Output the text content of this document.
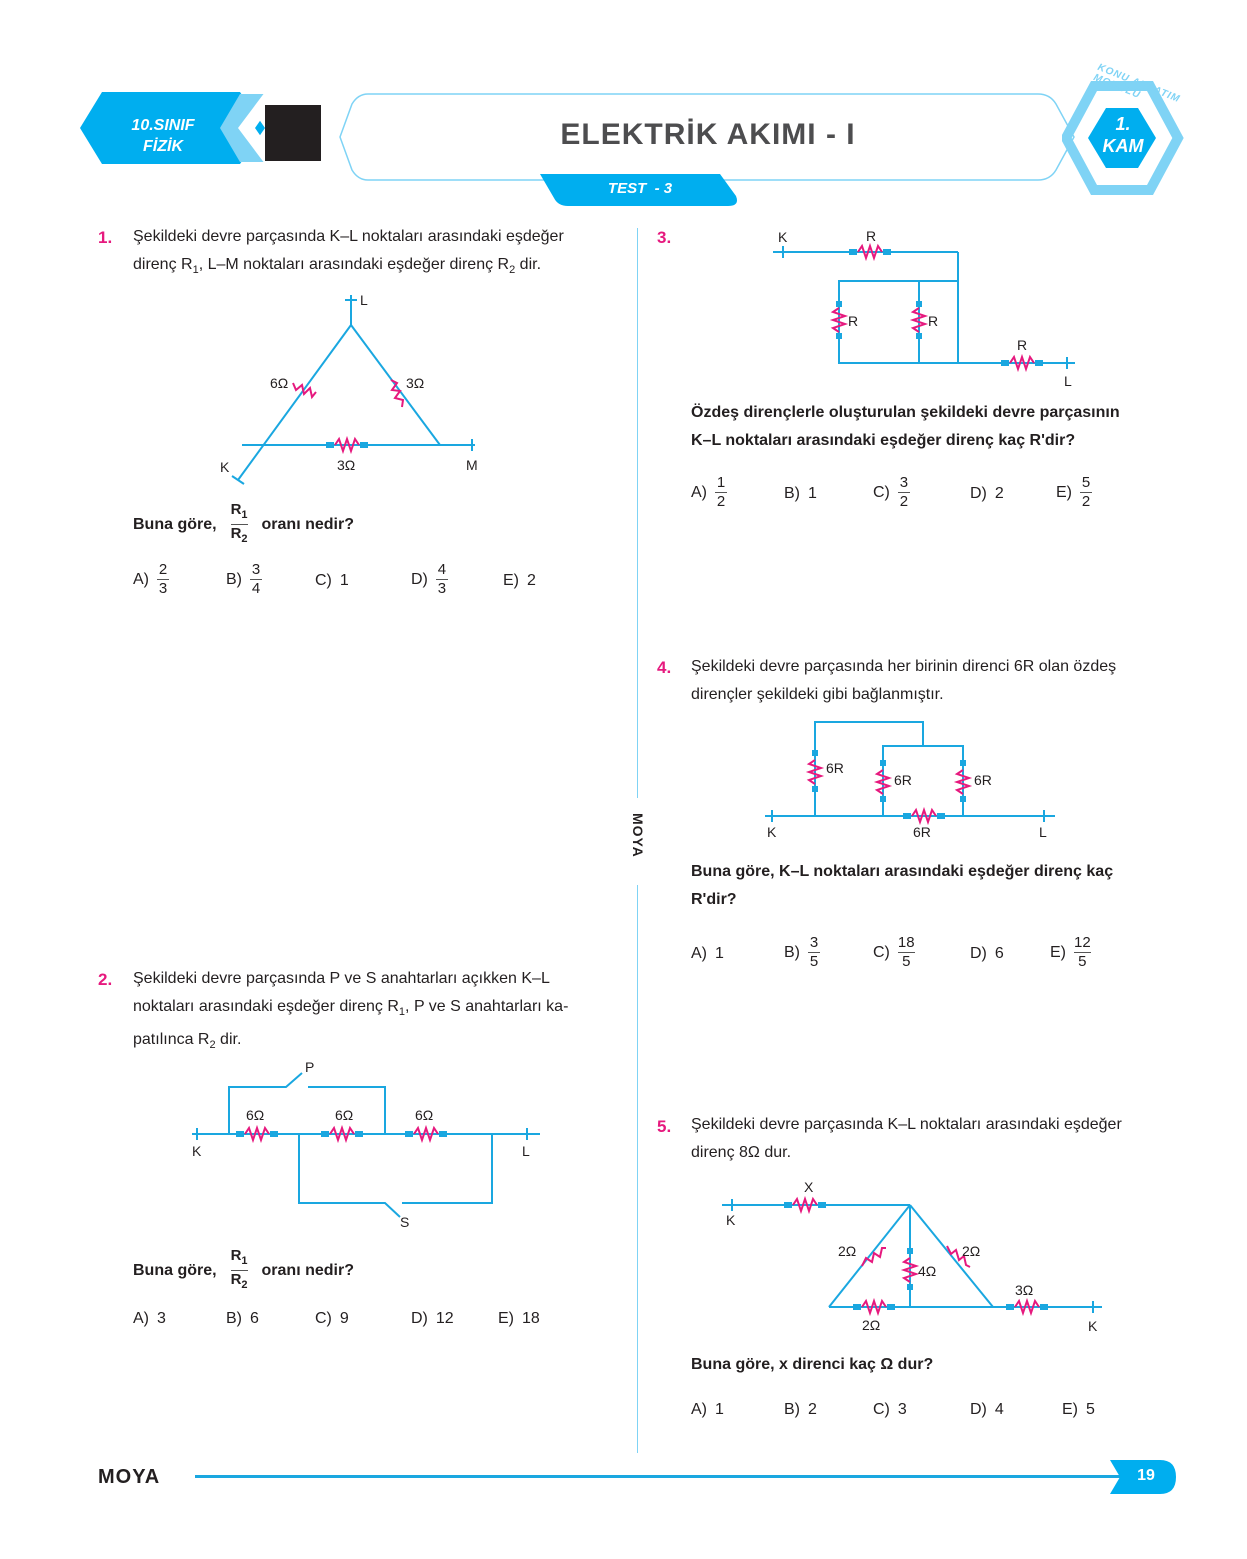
10.SINIF
FİZİK	ELEKTRİK AKIMI - I
TEST  - 3
1.
KAM
KONU ANLATIM MODÜLÜ
MOYA
1. Şekildeki devre parçasında K–L noktaları arasındaki eşdeğer
direnç $R_1$, L–M noktaları arasındaki eşdeğer direnç $R_2$ dir.
L
6Ω	3Ω
3Ω
K	M
Buna göre, $\frac{R_1}{R_2}$ oranı nedir?
$A) \frac{2}{3}$	$B) \frac{3}{4}$	C) 1	$D) \frac{4}{3}$	E) 2
2. Şekildeki devre parçasında P ve S anahtarları açıkken K–L
noktaları arasındaki eşdeğer direnç $R_1$, P ve S anahtarları ka-
patılınca $R_2$ dir.
P
S
6Ω	6Ω	6Ω
K	L
Buna göre, $\frac{R_1}{R_2}$ oranı nedir?
A) 3	B) 6	C) 9	D) 12	E) 18
3.	K	R
R	R
R
L
Özdeş dirençlerle oluşturulan şekildeki devre parçasının
K–L noktaları arasındaki eşdeğer direnç kaç R'dir?
$A) \frac{1}{2}$	B) 1	$C) \frac{3}{2}$	D) 2	$E) \frac{5}{2}$
4. Şekildeki devre parçasında her birinin direnci 6R olan özdeş
dirençler şekildeki gibi bağlanmıştır.
6R
6R	6R
6R
K	L
Buna göre, K–L noktaları arasındaki eşdeğer direnç kaç
R'dir?
A) 1	$B) \frac{3}{5}$	$C) \frac{18}{5}$	D) 6	$E) \frac{12}{5}$
5. Şekildeki devre parçasında K–L noktaları arasındaki eşdeğer
direnç 8Ω dur.
X
K
2Ω
4Ω
2Ω
2Ω
3Ω
K
Buna göre, x direnci kaç Ω dur?
A) 1	B) 2	C) 3	D) 4	E) 5
MOYA	19
